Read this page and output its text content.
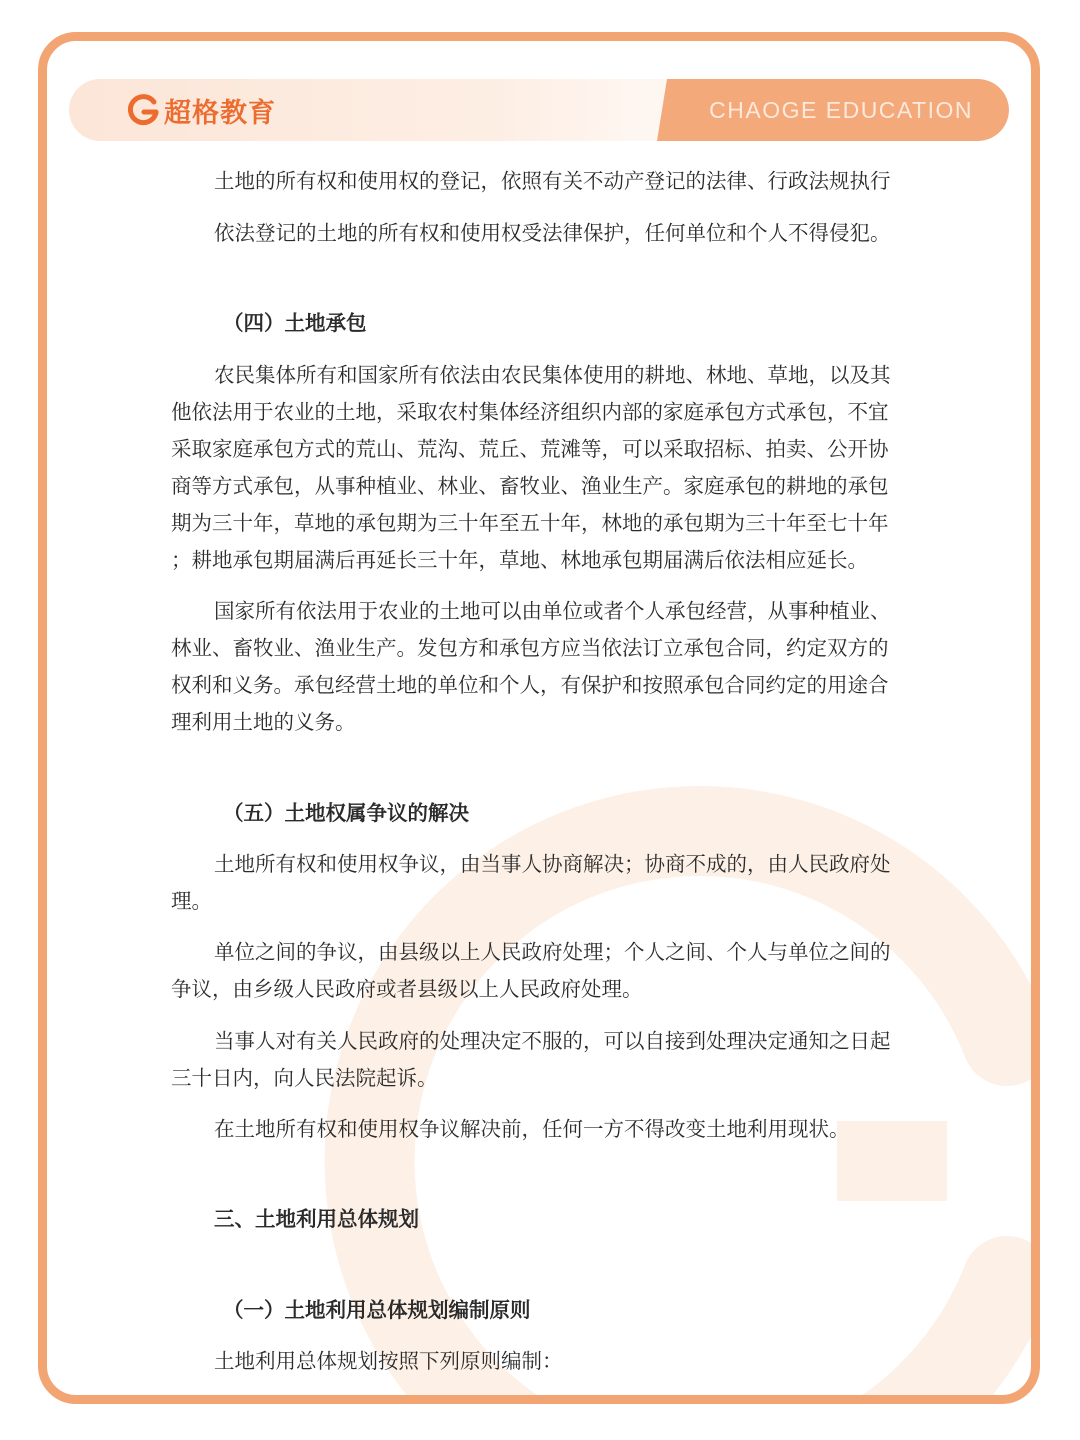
超格教育	CHAOGE EDUCATION
土地的所有权和使用权的登记，依照有关不动产登记的法律、行政法规执行
依法登记的土地的所有权和使用权受法律保护，任何单位和个人不得侵犯。
（四）土地承包
农民集体所有和国家所有依法由农民集体使用的耕地、林地、草地，以及其
他依法用于农业的土地，采取农村集体经济组织内部的家庭承包方式承包，不宜
采取家庭承包方式的荒山、荒沟、荒丘、荒滩等，可以采取招标、拍卖、公开协
商等方式承包，从事种植业、林业、畜牧业、渔业生产。家庭承包的耕地的承包
期为三十年，草地的承包期为三十年至五十年，林地的承包期为三十年至七十年
；耕地承包期届满后再延长三十年，草地、林地承包期届满后依法相应延长。
国家所有依法用于农业的土地可以由单位或者个人承包经营，从事种植业、
林业、畜牧业、渔业生产。发包方和承包方应当依法订立承包合同，约定双方的
权利和义务。承包经营土地的单位和个人，有保护和按照承包合同约定的用途合
理利用土地的义务。
（五）土地权属争议的解决
土地所有权和使用权争议，由当事人协商解决；协商不成的，由人民政府处
理。
单位之间的争议，由县级以上人民政府处理；个人之间、个人与单位之间的
争议，由乡级人民政府或者县级以上人民政府处理。
当事人对有关人民政府的处理决定不服的，可以自接到处理决定通知之日起
三十日内，向人民法院起诉。
在土地所有权和使用权争议解决前，任何一方不得改变土地利用现状。
三、土地利用总体规划
（一）土地利用总体规划编制原则
土地利用总体规划按照下列原则编制：
